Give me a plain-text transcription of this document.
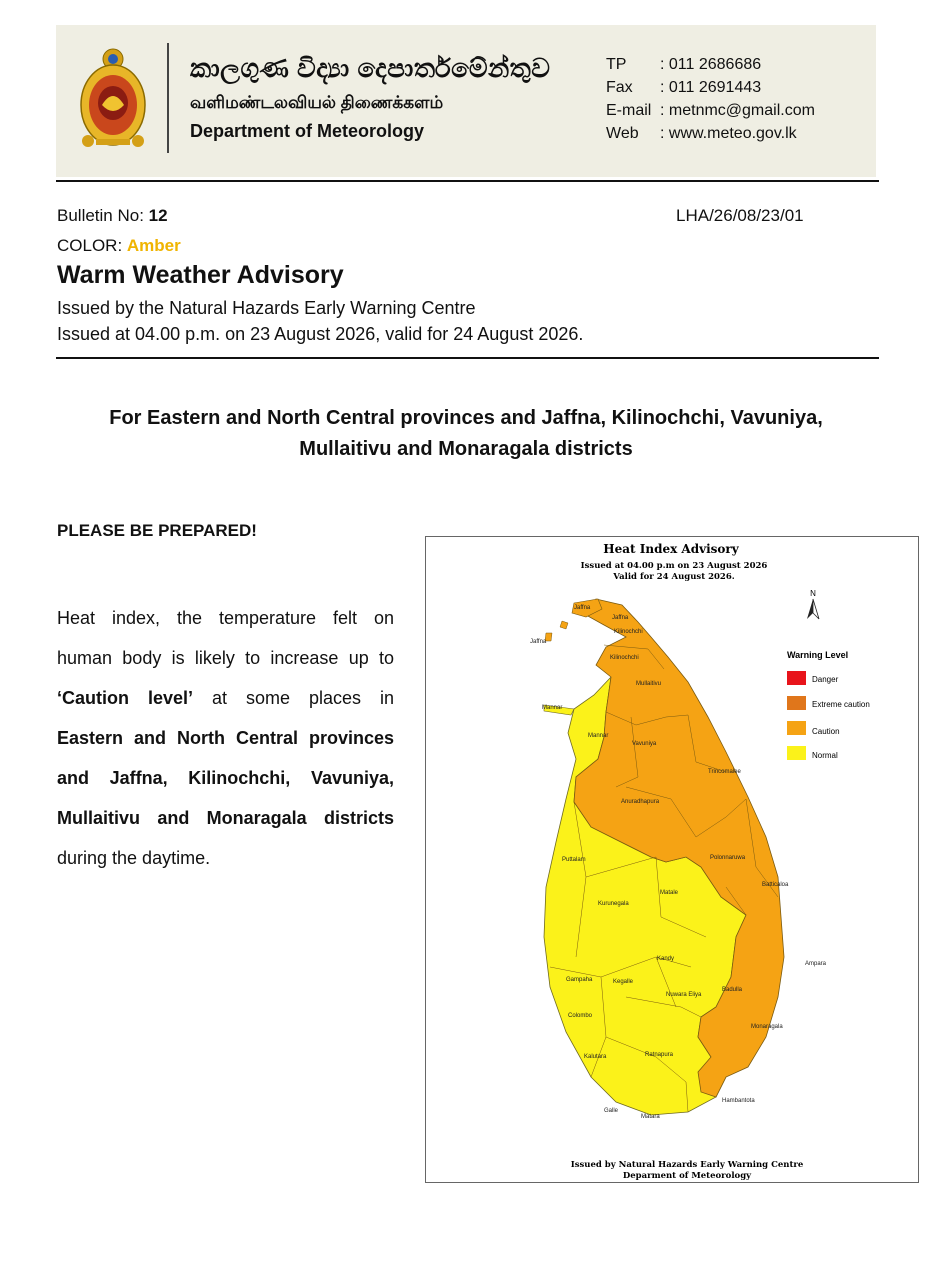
කාලගුණ විද්‍යා දෙපාර්තමේන්තුව
வளிமண்டலவியல் திணைக்களம்
Department of Meteorology
TP	: 011 2686686
Fax	: 011 2691443
E-mail : metnmc@gmail.com
Web	: www.meteo.gov.lk
Bulletin No: 12	LHA/26/08/23/01
COLOR: Amber
Warm Weather Advisory
Issued by the Natural Hazards Early Warning Centre
Issued at 04.00 p.m. on 23 August 2026, valid for 24 August 2026.
For Eastern and North Central provinces and Jaffna, Kilinochchi, Vavuniya,
Mullaitivu and Monaragala districts
PLEASE BE PREPARED!
Heat index, the temperature felt on human body is likely to increase up to ‘Caution level’ at some places in Eastern and North Central provinces and Jaffna, Kilinochchi, Vavuniya, Mullaitivu and Monaragala districts during the daytime.
Heat Index Advisory
Issued at 04.00 p.m on 23 August 2026
Valid for 24 August 2026.
N
Jaffna
Jaffna
Jaffna
Kilinochchi
Kilinochchi
Mullaitivu
Mannar
Mannar
Vavuniya
Trincomalee
Anuradhapura
Puttalam	Polonnaruwa
Batticaloa
Kurunegala
Matale
Kandy
Ampara
Gampaha	Kegalle
Nuwara Eliya
Badulla
Colombo
Monaragala
Kalutara	Ratnapura
Hambantota
Galle
Matara
Warning Level
Danger
Extreme caution
Caution
Normal
Issued by Natural Hazards Early Warning Centre
Deparment of Meteorology
